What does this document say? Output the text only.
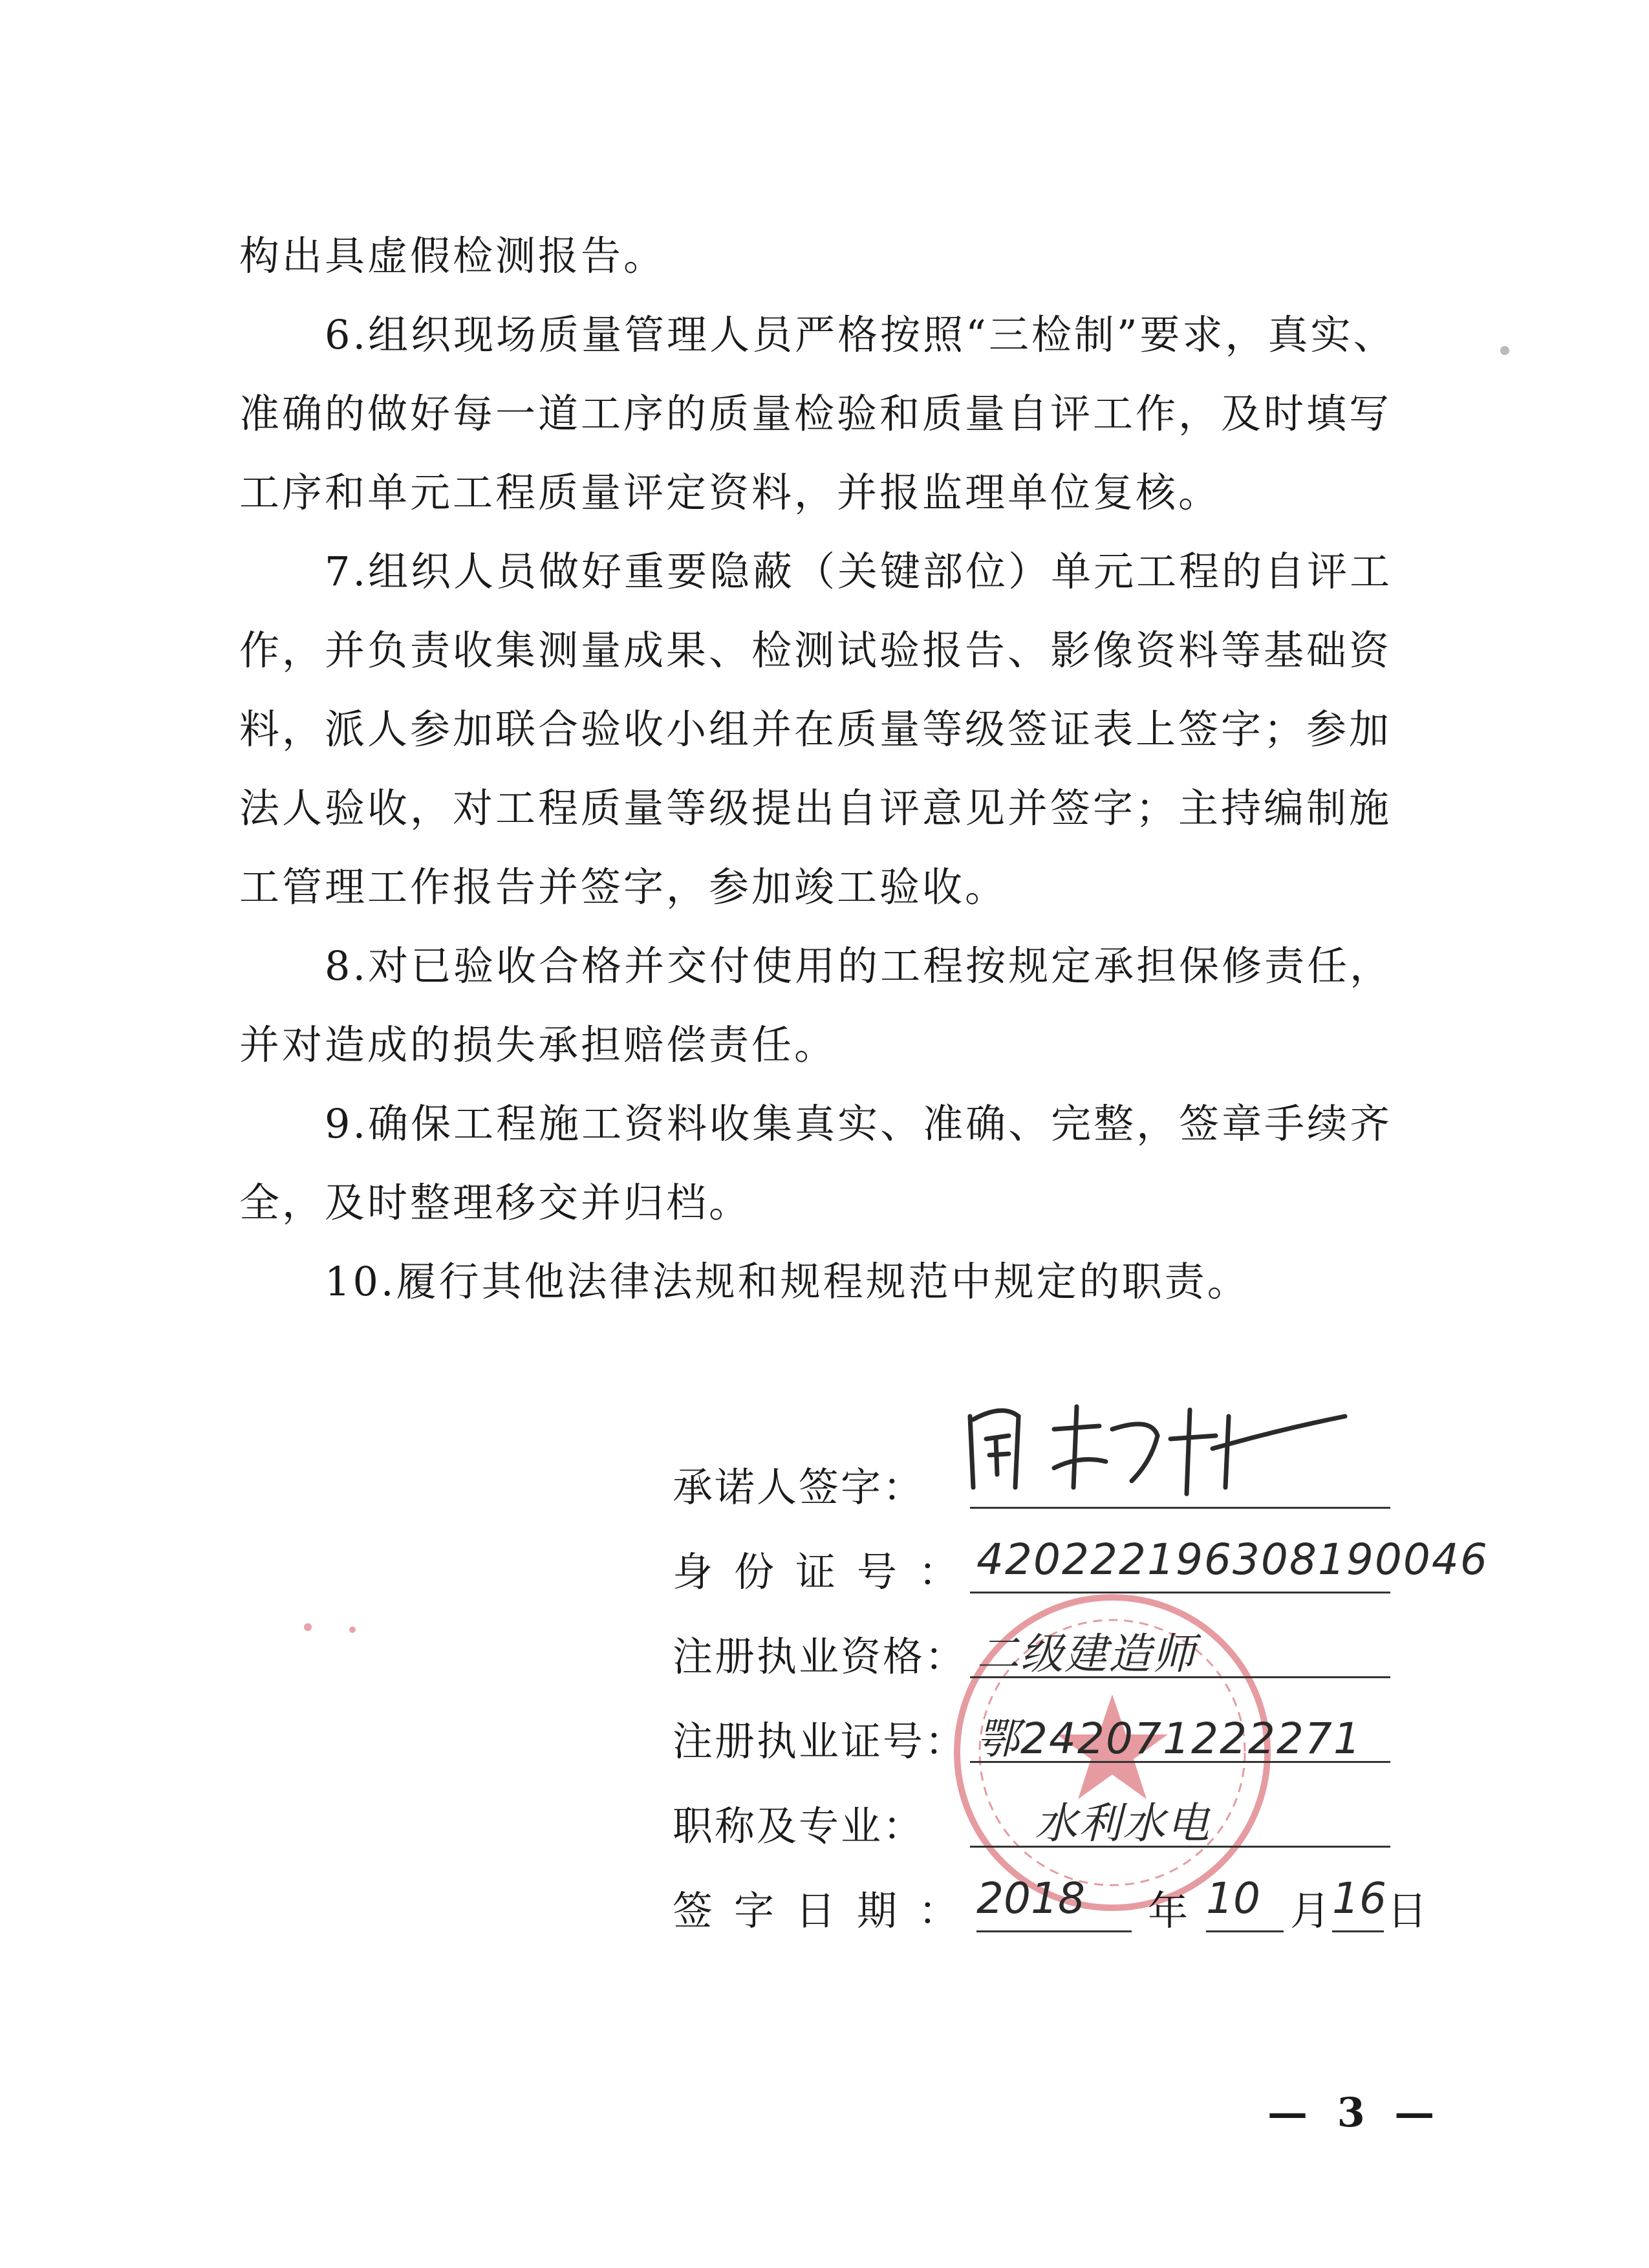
构出具虚假检测报告。

6.组织现场质量管理人员严格按照“三检制”要求，真实、准确的做好每一道工序的质量检验和质量自评工作，及时填写工序和单元工程质量评定资料，并报监理单位复核。

7.组织人员做好重要隐蔽（关键部位）单元工程的自评工作，并负责收集测量成果、检测试验报告、影像资料等基础资料，派人参加联合验收小组并在质量等级签证表上签字；参加法人验收，对工程质量等级提出自评意见并签字；主持编制施工管理工作报告并签字，参加竣工验收。

8.对已验收合格并交付使用的工程按规定承担保修责任，并对造成的损失承担赔偿责任。

9.确保工程施工资料收集真实、准确、完整，签章手续齐全，及时整理移交并归档。

10.履行其他法律法规和规程规范中规定的职责。

承诺人签字：
身份证号：
420222196308190046
注册执业资格： 二级建造师
注册执业证号： 鄂242071222271
职称及专业：	水利水电
签字日期：
2018	年 10 月 16 日
— 3 —
